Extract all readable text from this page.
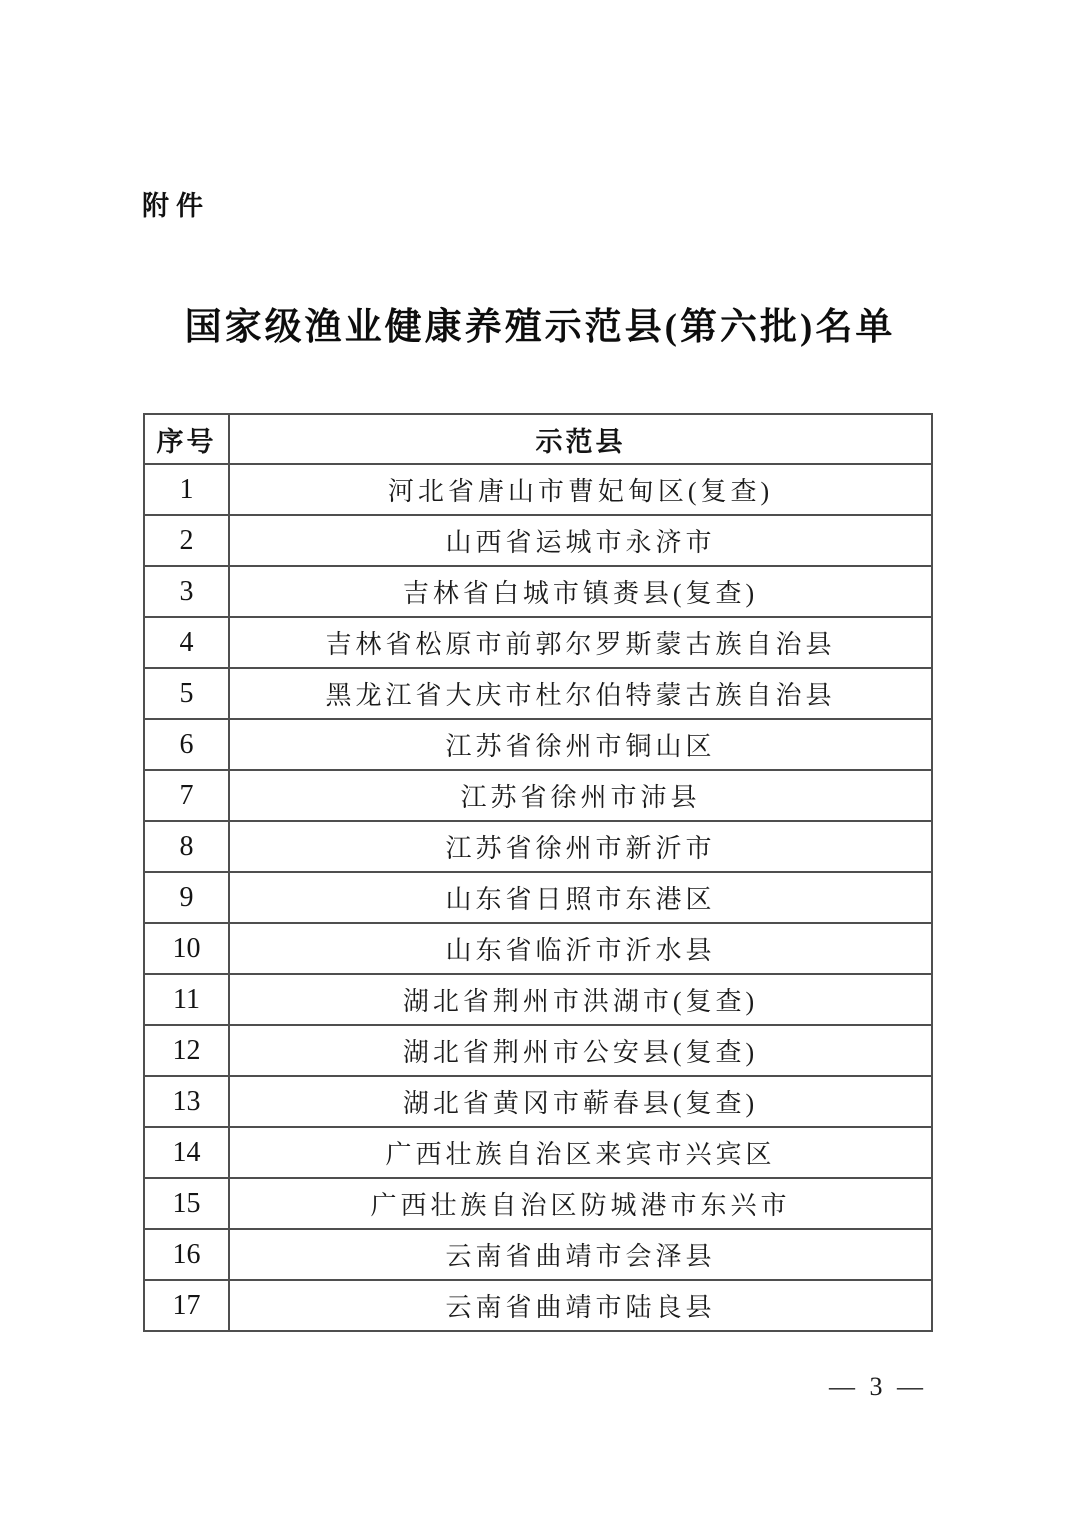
附件
国家级渔业健康养殖示范县(第六批)名单
序号	示范县
1	河北省唐山市曹妃甸区(复查)
2	山西省运城市永济市
3	吉林省白城市镇赉县(复查)
4	吉林省松原市前郭尔罗斯蒙古族自治县
5	黑龙江省大庆市杜尔伯特蒙古族自治县
6	江苏省徐州市铜山区
7	江苏省徐州市沛县
8	江苏省徐州市新沂市
9	山东省日照市东港区
10	山东省临沂市沂水县
11	湖北省荆州市洪湖市(复查)
12	湖北省荆州市公安县(复查)
13	湖北省黄冈市蕲春县(复查)
14	广西壮族自治区来宾市兴宾区
15	广西壮族自治区防城港市东兴市
16	云南省曲靖市会泽县
17	云南省曲靖市陆良县
— 3 —
